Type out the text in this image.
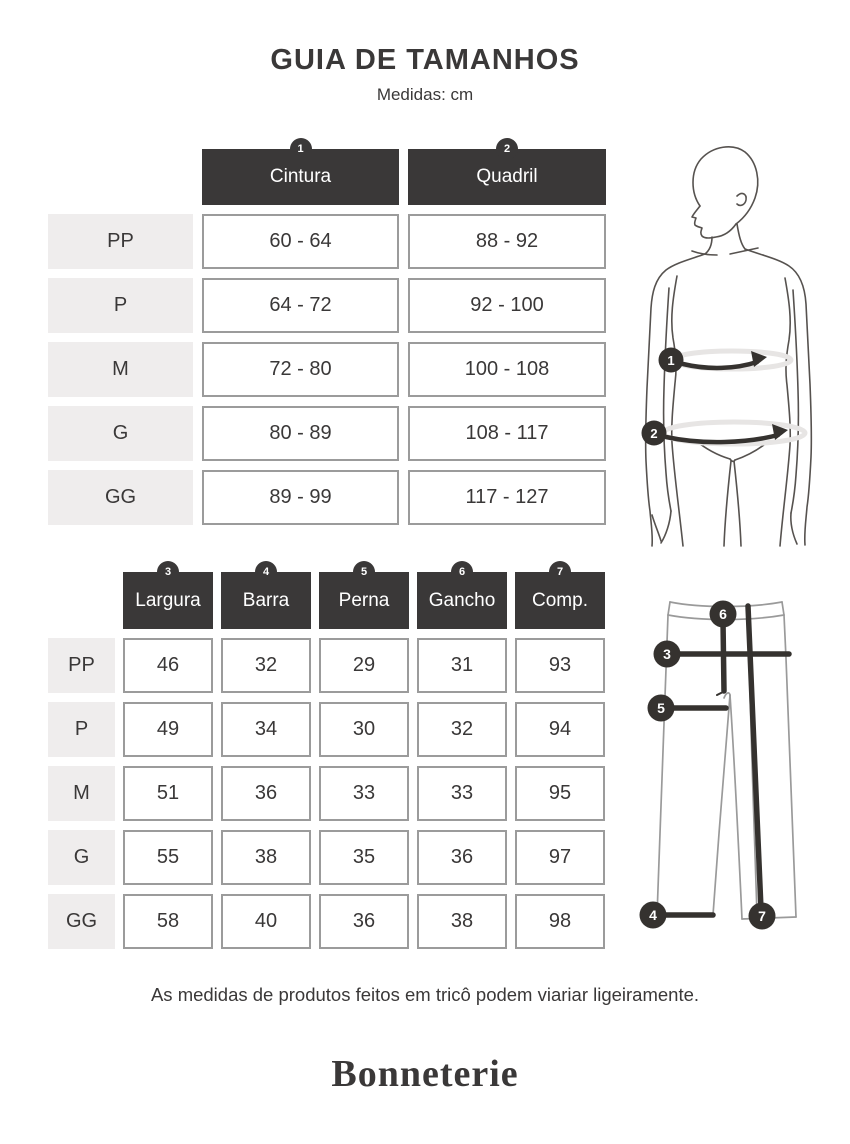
GUIA DE TAMANHOS
Medidas: cm
1
Cintura
2
Quadril
PP	60 - 64	88 - 92
P	64 - 72	92 - 100
M	72 - 80	100 - 108
G	80 - 89	108 - 117
GG	89 - 99	117 - 127
3
Largura
4
Barra
5
Perna
6
Gancho
7
Comp.
PP	46	32	29	31	93
P	49	34	30	32	94
M	51	36	33	33	95
G	55	38	35	36	97
GG	58	40	36	38	98
1
2
6
3
5
4	7
As medidas de produtos feitos em tricô podem viariar ligeiramente.
Bonneterie
